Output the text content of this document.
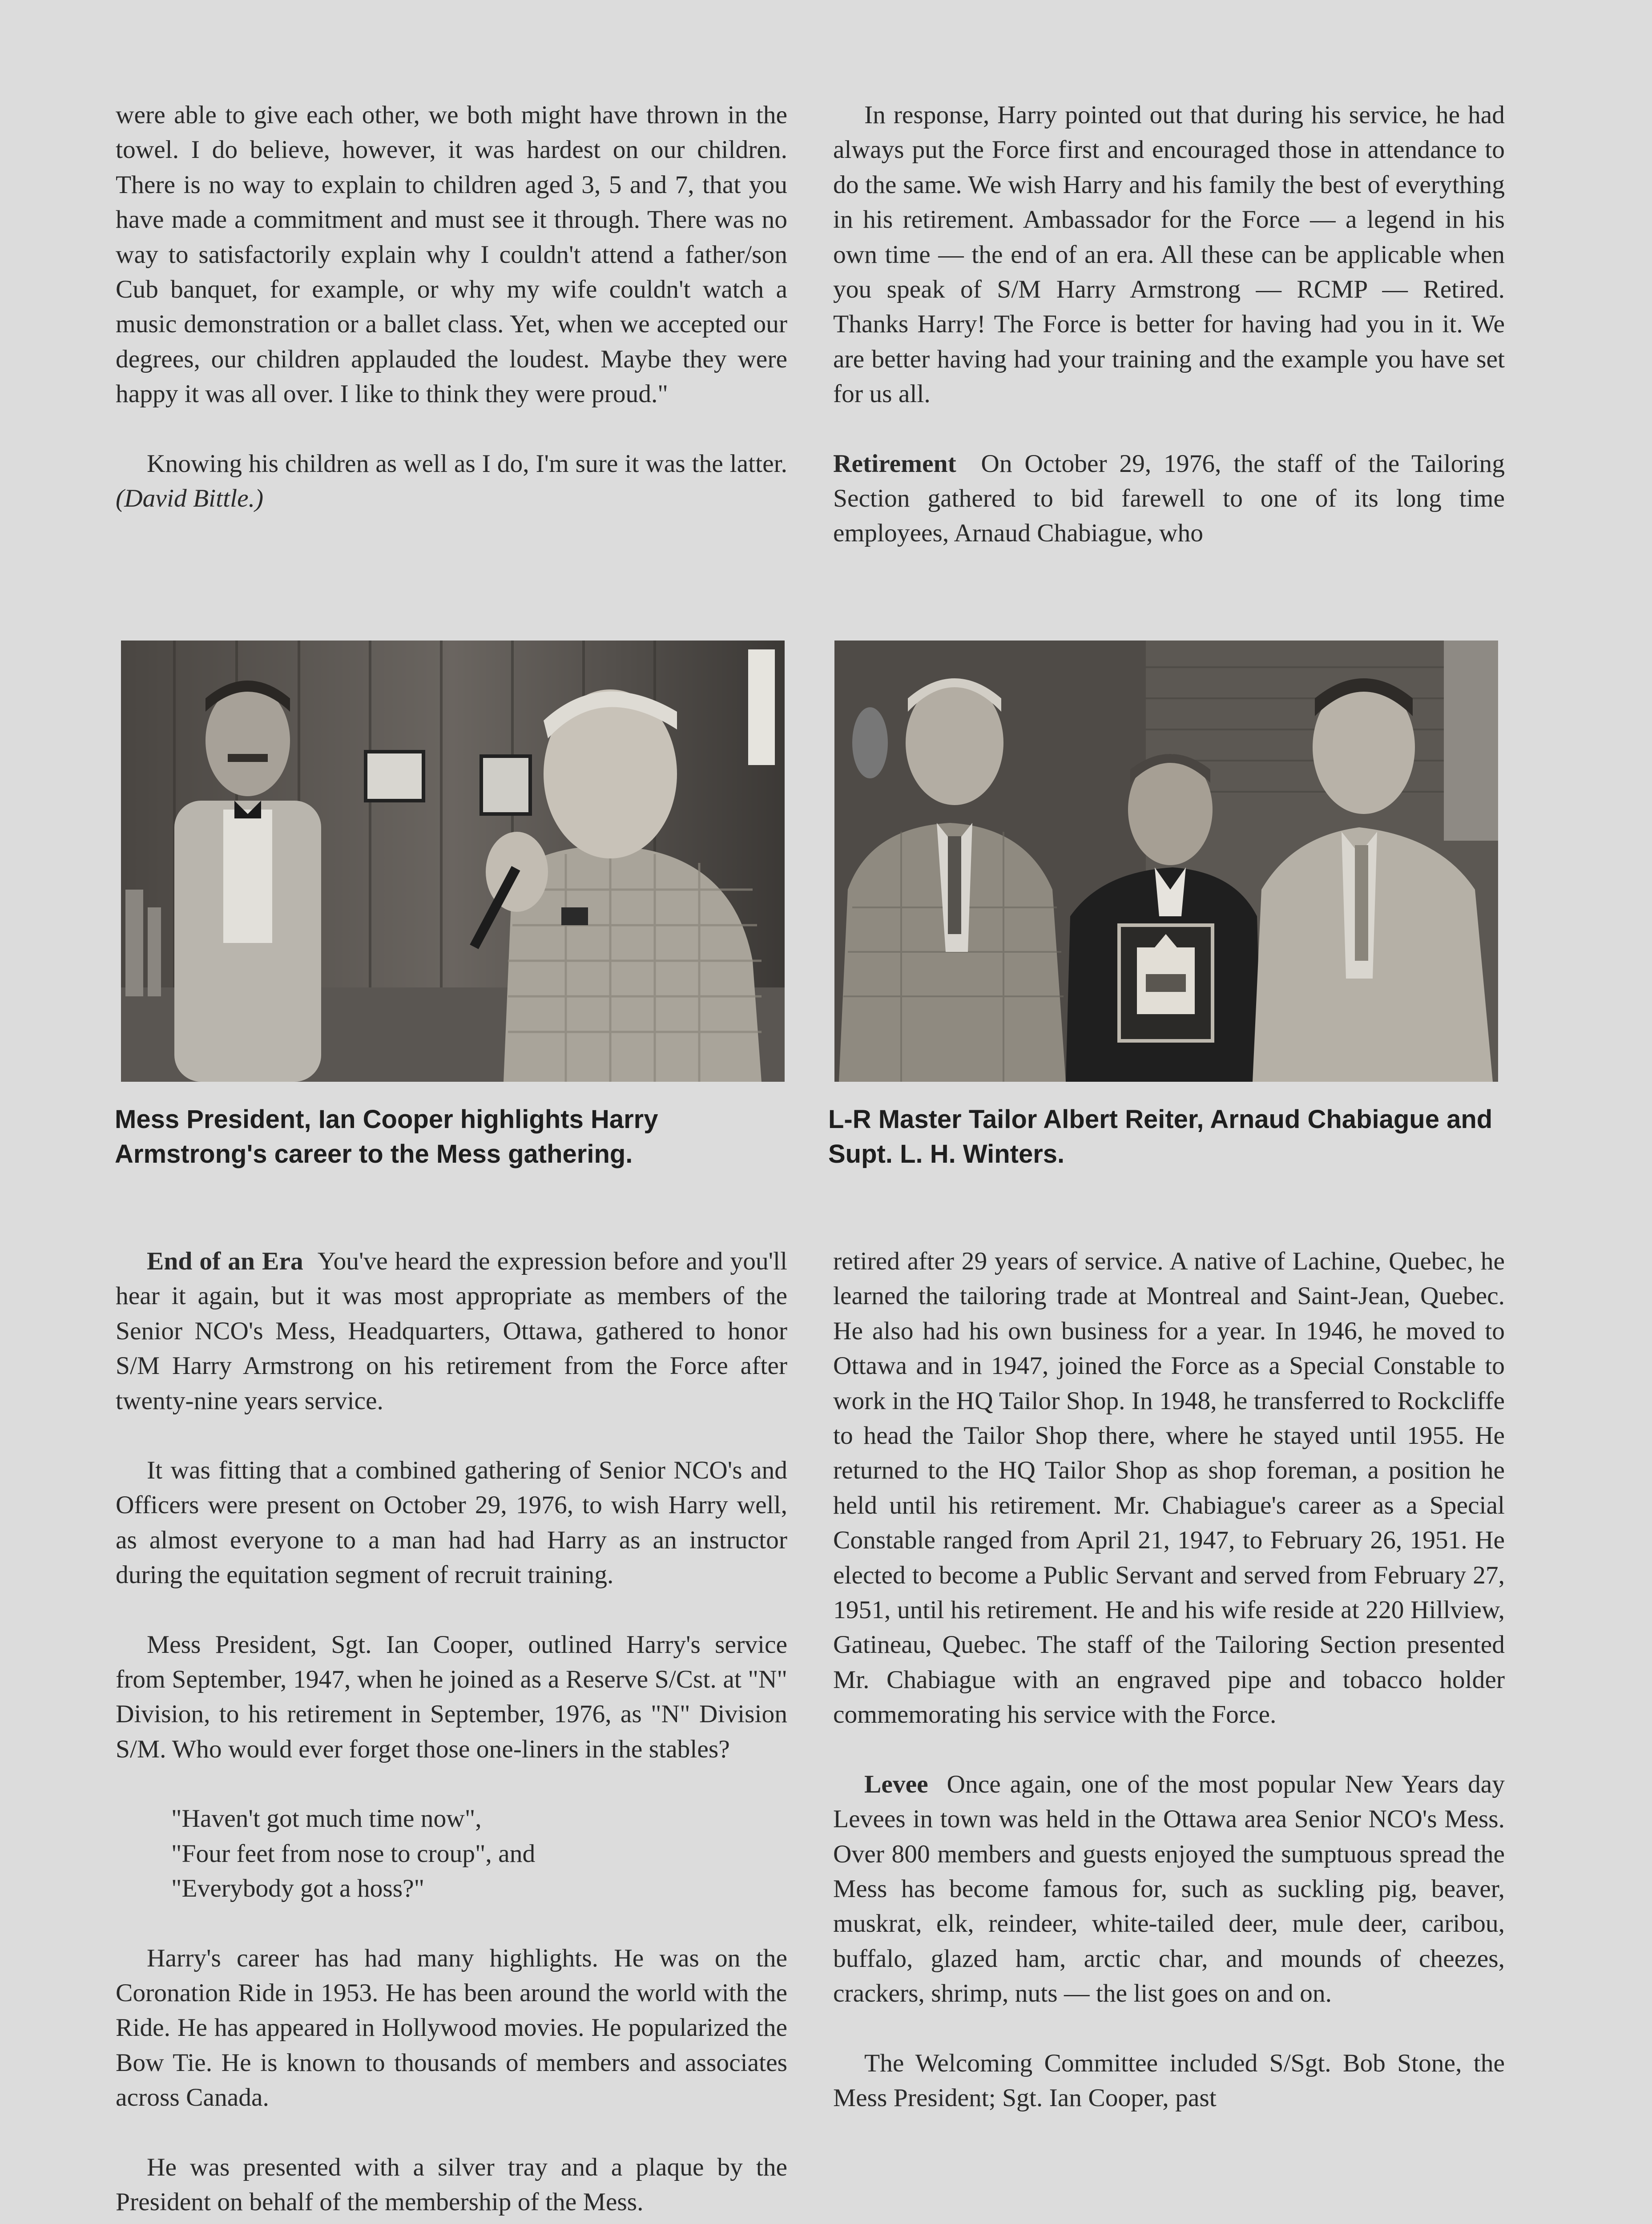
were able to give each other, we both might have thrown in the towel. I do believe, however, it was hardest on our children. There is no way to explain to children aged 3, 5 and 7, that you have made a commitment and must see it through. There was no way to satisfactorily explain why I couldn't attend a father/son Cub banquet, for example, or why my wife couldn't watch a music demonstration or a ballet class. Yet, when we accepted our degrees, our children applauded the loudest. Maybe they were happy it was all over. I like to think they were proud."

Knowing his children as well as I do, I'm sure it was the latter. (David Bittle.)

In response, Harry pointed out that during his service, he had always put the Force first and encouraged those in attendance to do the same. We wish Harry and his family the best of everything in his retirement. Ambassador for the Force — a legend in his own time — the end of an era. All these can be applicable when you speak of S/M Harry Armstrong — RCMP — Retired. Thanks Harry! The Force is better for having had you in it. We are better having had your training and the example you have set for us all.

Retirement On October 29, 1976, the staff of the Tailoring Section gathered to bid farewell to one of its long time employees, Arnaud Chabiague, who

Mess President, Ian Cooper highlights Harry Armstrong's career to the Mess gathering.
L-R Master Tailor Albert Reiter, Arnaud Chabiague and Supt. L. H. Winters.

End of an Era You've heard the expression before and you'll hear it again, but it was most appropriate as members of the Senior NCO's Mess, Headquarters, Ottawa, gathered to honor S/M Harry Armstrong on his retirement from the Force after twenty-nine years service.

It was fitting that a combined gathering of Senior NCO's and Officers were present on October 29, 1976, to wish Harry well, as almost everyone to a man had had Harry as an instructor during the equitation segment of recruit training.

Mess President, Sgt. Ian Cooper, outlined Harry's service from September, 1947, when he joined as a Reserve S/Cst. at "N" Division, to his retirement in September, 1976, as "N" Division S/M. Who would ever forget those one-liners in the stables?

"Haven't got much time now",
"Four feet from nose to croup", and
"Everybody got a hoss?"

Harry's career has had many highlights. He was on the Coronation Ride in 1953. He has been around the world with the Ride. He has appeared in Hollywood movies. He popularized the Bow Tie. He is known to thousands of members and associates across Canada.

He was presented with a silver tray and a plaque by the President on behalf of the membership of the Mess.

retired after 29 years of service. A native of Lachine, Quebec, he learned the tailoring trade at Montreal and Saint-Jean, Quebec. He also had his own business for a year. In 1946, he moved to Ottawa and in 1947, joined the Force as a Special Constable to work in the HQ Tailor Shop. In 1948, he transferred to Rockcliffe to head the Tailor Shop there, where he stayed until 1955. He returned to the HQ Tailor Shop as shop foreman, a position he held until his retirement. Mr. Chabiague's career as a Special Constable ranged from April 21, 1947, to February 26, 1951. He elected to become a Public Servant and served from February 27, 1951, until his retirement. He and his wife reside at 220 Hillview, Gatineau, Quebec. The staff of the Tailoring Section presented Mr. Chabiague with an engraved pipe and tobacco holder commemorating his service with the Force.

Levee Once again, one of the most popular New Years day Levees in town was held in the Ottawa area Senior NCO's Mess. Over 800 members and guests enjoyed the sumptuous spread the Mess has become famous for, such as suckling pig, beaver, muskrat, elk, reindeer, white-tailed deer, mule deer, caribou, buffalo, glazed ham, arctic char, and mounds of cheezes, crackers, shrimp, nuts — the list goes on and on.

The Welcoming Committee included S/Sgt. Bob Stone, the Mess President; Sgt. Ian Cooper, past
